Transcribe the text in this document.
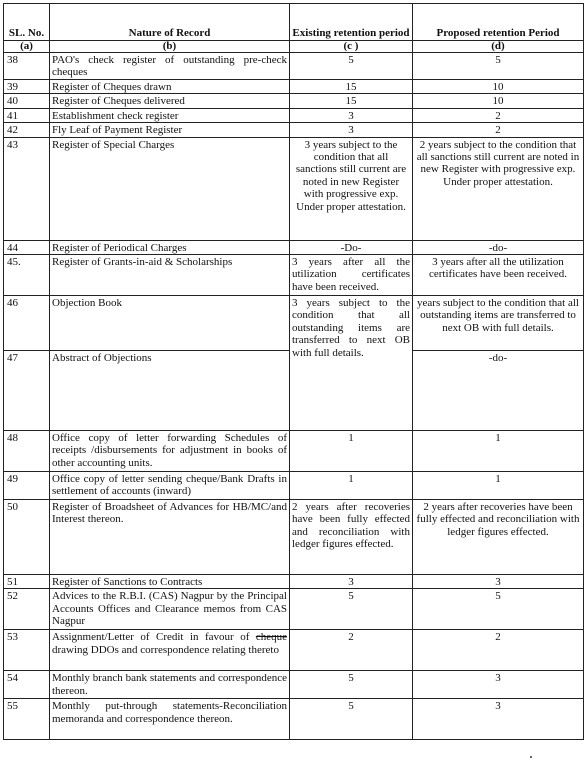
SL. No.	Nature of Record	Existing retention period	Proposed retention Period
(a)	(b)	(c )	(d)
38	PAO's check register of outstanding pre-check cheques	5	5
39	Register of Cheques drawn	15	10
40	Register of Cheques delivered	15	10
41	Establishment check register	3	2
42	Fly Leaf of Payment Register	3	2
43	Register of Special Charges	3 years subject to the condition that all sanctions still current are noted in new Register with progressive exp. Under proper attestation.	2 years subject to the condition that all sanctions still current are noted in new Register with progressive exp. Under proper attestation.
44	Register of Periodical Charges	-Do-	-do-
45.	Register of Grants-in-aid & Scholarships	3 years after all the utilization certificates have been received.	3 years after all the utilization certificates have been received.
46	Objection Book	3 years subject to the condition that all outstanding items are transferred to next OB with full details.	years subject to the condition that all outstanding items are transferred to next OB with full details.
47	Abstract of Objections		-do-
48	Office copy of letter forwarding Schedules of receipts /disbursements for adjustment in books of other accounting units.	1	1
49	Office copy of letter sending cheque/Bank Drafts in settlement of accounts (inward)	1	1
50	Register of Broadsheet of Advances for HB/MC/and Interest thereon.	2 years after recoveries have been fully effected and reconciliation with ledger figures effected.	2 years after recoveries have been fully effected and reconciliation with ledger figures effected.
51	Register of Sanctions to Contracts	3	3
52	Advices to the R.B.I. (CAS) Nagpur by the Principal Accounts Offices and Clearance memos from CAS Nagpur	5	5
53	Assignment/Letter of Credit in favour of cheque drawing DDOs and correspondence relating thereto	2	2
54	Monthly branch bank statements and correspondence thereon.	5	3
55	Monthly put-through statements-Reconciliation memoranda and correspondence thereon.	5	3
